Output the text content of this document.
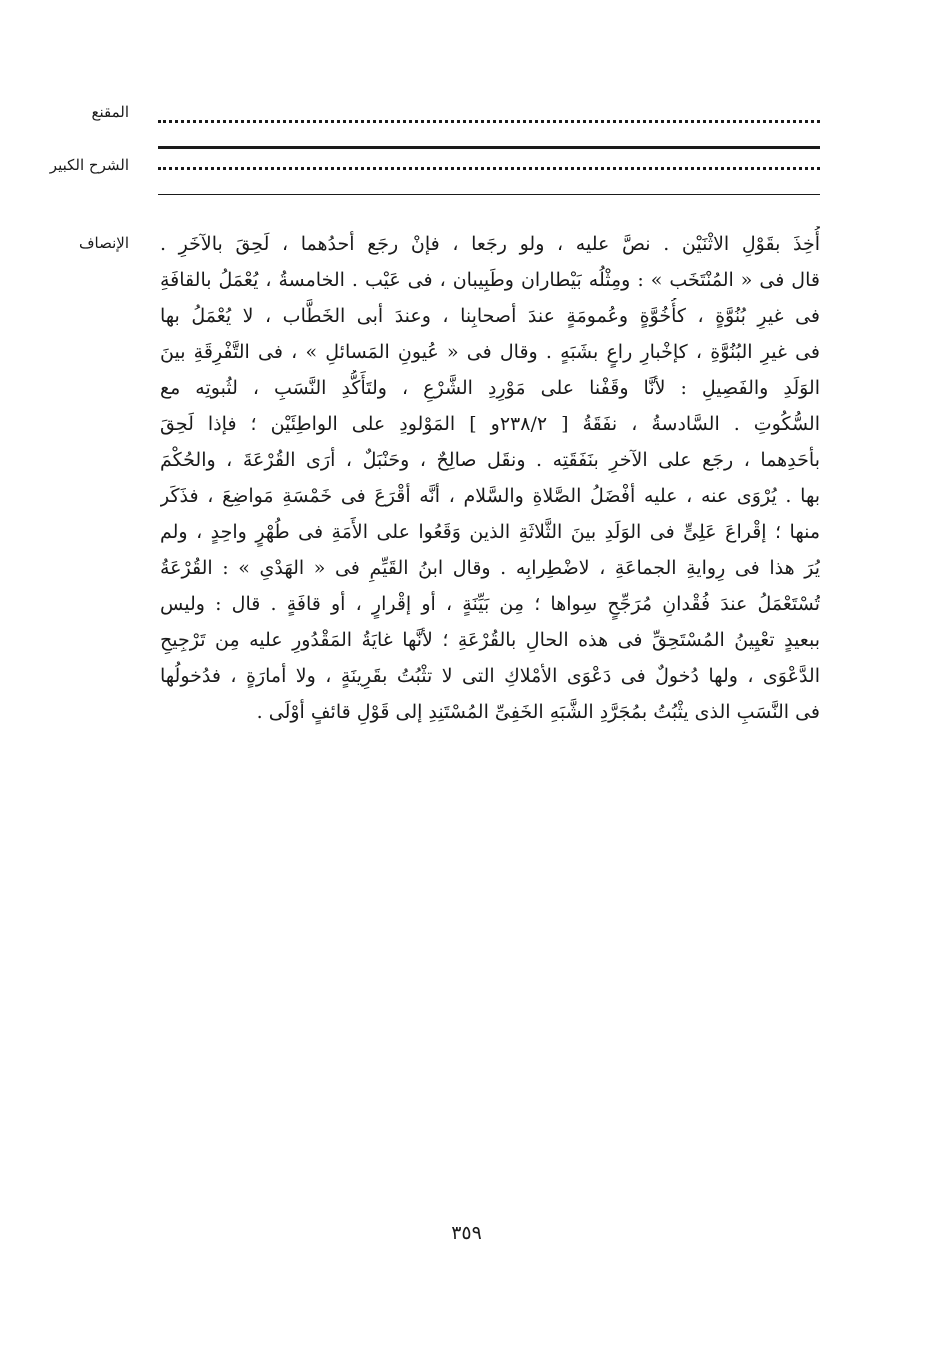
المقنع
الشرح الكبير
الإنصاف أُخِذَ بقَوْلِ الاثْنَيْن . نصَّ عليه ، ولو رجَعا ، فإنْ رجَع أحدُهما ، لَحِقَ بالآخَرِ .
قال فى « المُنْتَخَب » : ومِثْلُه بَيْطاران وطَبِيبان ، فى عَيْب . الخامسةُ ، يُعْمَلُ بالقافَةِ
فى غيرِ بُنُوَّةٍ ، كأُخُوَّةٍ وعُمومَةٍ عندَ أصحابِنا ، وعندَ أبى الخَطَّاب ، لا يُعْمَلُ بها
فى غيرِ البُنُوَّةِ ، كإخْبارِ راعٍ بشَبَهٍ . وقال فى « عُيونِ المَسائلِ » ، فى التَّفْرِقَةِ بينَ
الوَلَدِ والفَصِيلِ : لأنَّا وقَفْنا على مَوْرِدِ الشَّرْعِ ، ولتَأَكُّدِ النَّسَبِ ، لثُبوتِه مع
السُّكُوتِ . السَّادسةُ ، نفَقَةُ [ ٢٣٨/٢و ] المَوْلودِ على الواطِئَيْن ؛ فإذا لَحِقَ
بأحَدِهما ، رجَع على الآخرِ بنَفَقَتِه . ونقَل صالِحٌ ، وحَنْبَلٌ ، أرَى القُرْعَةَ ، والحُكْمَ
بها . يُرْوَى عنه ، عليه أفْضَلُ الصَّلاةِ والسَّلام ، أنَّه أقْرَعَ فى خَمْسَةِ مَواضِعَ ، فذَكَر
منها ؛ إقْراعَ عَلِىٍّ فى الوَلَدِ بينَ الثَّلاثَةِ الذين وَقَعُوا على الأَمَةِ فى طُهْرٍ واحِدٍ ، ولم
يُرَ هذا فى رِوايةِ الجماعَةِ ، لاضْطِرابِه . وقال ابنُ القَيِّمِ فى « الهَدْىِ » : القُرْعَةُ
تُسْتَعْمَلُ عندَ فُقْدانِ مُرَجِّحٍ سِواها ؛ مِن بَيِّنَةٍ ، أو إقْرارٍ ، أو قافَةٍ . قال : وليس
ببعيدٍ تعْيِينُ المُسْتَحِقِّ فى هذه الحالِ بالقُرْعَةِ ؛ لأنَّها غايَةُ المَقْدُورِ عليه مِن تَرْجِيحِ
الدَّعْوَى ، ولها دُخولٌ فى دَعْوَى الأمْلاكِ التى لا تثْبُتُ بقَرِينَةٍ ، ولا أمارَةٍ ، فدُخولُها
فى النَّسَبِ الذى يثْبُتُ بمُجَرَّدِ الشَّبَهِ الخَفِىِّ المُسْتَنِدِ إلى قَوْلِ قائفٍ أوْلَى .
٣٥٩
